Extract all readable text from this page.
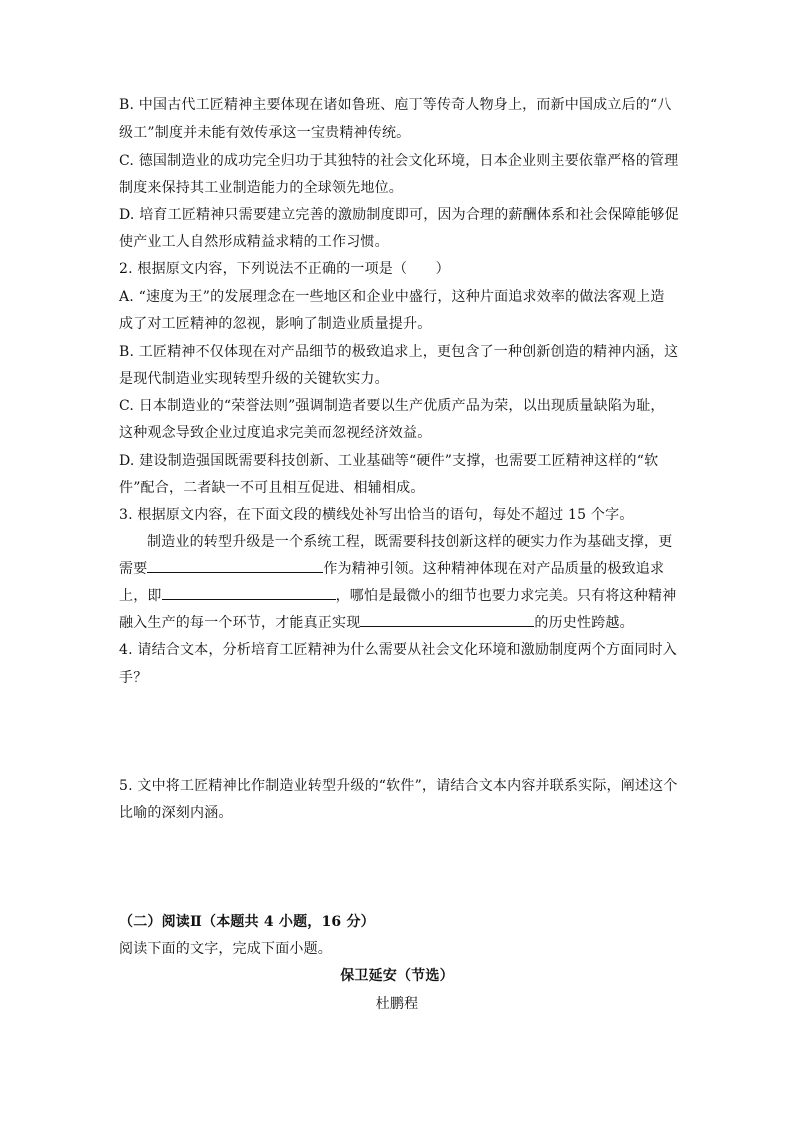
B. 中国古代工匠精神主要体现在诸如鲁班、庖丁等传奇人物身上，而新中国成立后的“八
级工”制度并未能有效传承这一宝贵精神传统。
C. 德国制造业的成功完全归功于其独特的社会文化环境，日本企业则主要依靠严格的管理
制度来保持其工业制造能力的全球领先地位。
D. 培育工匠精神只需要建立完善的激励制度即可，因为合理的薪酬体系和社会保障能够促
使产业工人自然形成精益求精的工作习惯。
2. 根据原文内容，下列说法不正确的一项是（　　）
A. “速度为王”的发展理念在一些地区和企业中盛行，这种片面追求效率的做法客观上造
成了对工匠精神的忽视，影响了制造业质量提升。
B. 工匠精神不仅体现在对产品细节的极致追求上，更包含了一种创新创造的精神内涵，这
是现代制造业实现转型升级的关键软实力。
C. 日本制造业的“荣誉法则”强调制造者要以生产优质产品为荣，以出现质量缺陷为耻，
这种观念导致企业过度追求完美而忽视经济效益。
D. 建设制造强国既需要科技创新、工业基础等“硬件”支撑，也需要工匠精神这样的“软
件”配合，二者缺一不可且相互促进、相辅相成。
3. 根据原文内容，在下面文段的横线处补写出恰当的语句，每处不超过 15 个字。
制造业的转型升级是一个系统工程，既需要科技创新这样的硬实力作为基础支撑，更
需要	作为精神引领。这种精神体现在对产品质量的极致追求
上，即	，哪怕是最微小的细节也要力求完美。只有将这种精神
融入生产的每一个环节，才能真正实现	的历史性跨越。
4. 请结合文本，分析培育工匠精神为什么需要从社会文化环境和激励制度两个方面同时入
手？
5. 文中将工匠精神比作制造业转型升级的“软件”，请结合文本内容并联系实际，阐述这个
比喻的深刻内涵。
（二）阅读Ⅱ（本题共 4 小题，16 分）
阅读下面的文字，完成下面小题。
保卫延安（节选）
杜鹏程
